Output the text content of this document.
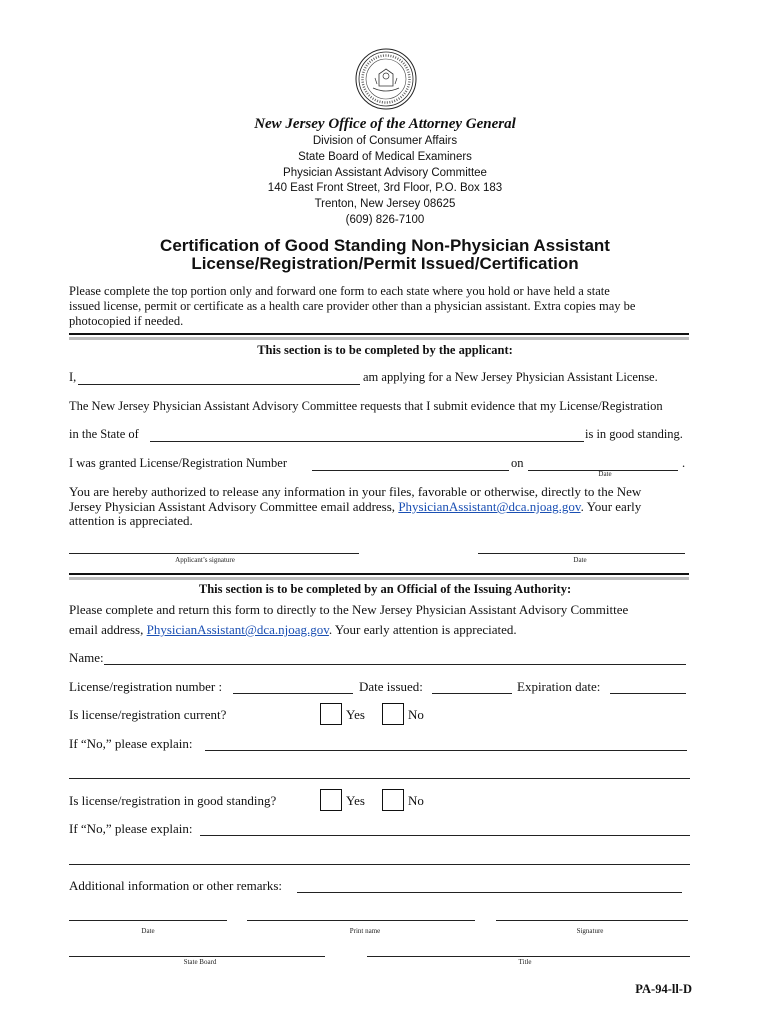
New Jersey Office of the Attorney General
Division of Consumer Affairs
State Board of Medical Examiners
Physician Assistant Advisory Committee
140 East Front Street, 3rd Floor, P.O. Box 183
Trenton, New Jersey 08625
(609) 826-7100
Certification of Good Standing Non-Physician Assistant
License/Registration/Permit Issued/Certification
Please complete the top portion only and forward one form to each state where you hold or have held a state
issued license, permit or certificate as a health care provider other than a physician assistant. Extra copies may be
photocopied if needed.
This section is to be completed by the applicant:
I,	am applying for a New Jersey Physician Assistant License.
The New Jersey Physician Assistant Advisory Committee requests that I submit evidence that my License/Registration
in the State of	is in good standing.
I was granted License/Registration Number	on	.
Date
You are hereby authorized to release any information in your files, favorable or otherwise, directly to the New
Jersey Physician Assistant Advisory Committee email address, PhysicianAssistant@dca.njoag.gov. Your early
attention is appreciated.
Applicant’s signature	Date
This section is to be completed by an Official of the Issuing Authority:
Please complete and return this form to directly to the New Jersey Physician Assistant Advisory Committee
email address, PhysicianAssistant@dca.njoag.gov. Your early attention is appreciated.
Name:
License/registration number :	Date issued:	Expiration date:
Is license/registration current?	Yes	No
If “No,” please explain:
Is license/registration in good standing?	Yes	No
If “No,” please explain:
Additional information or other remarks:
Date	Print name	Signature
State Board	Title
PA-94-ll-D
